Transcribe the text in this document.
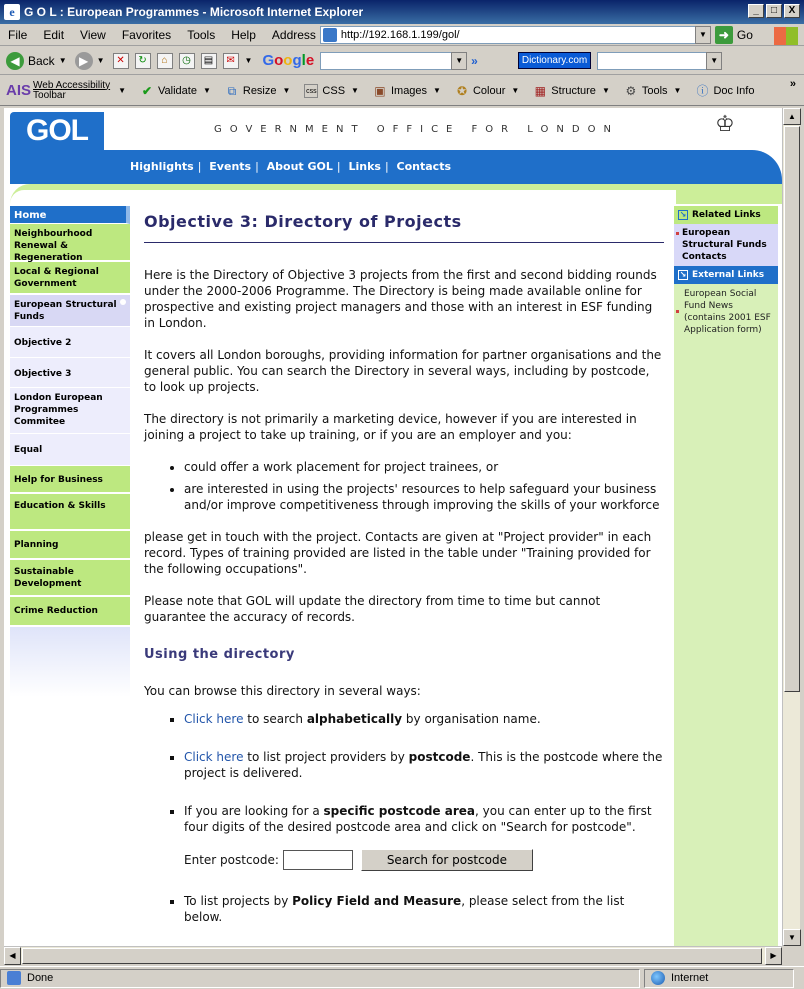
e G O L : European Programmes - Microsoft Internet Explorer	_	□	X
File	Edit	View	Favorites	Tools	Help	Address http://192.168.1.199/gol/	▼	➜ Go
◀ Back ▼	▶	▼	✕	↻	⌂	◷	▤	✉	▼ Google	▼ »	Dictionary.com	▼
AIS Web Accessibility
Toolbar	▼ ✔ Validate ▼ ⧉ Resize ▼ css CSS ▼ ▣ Images ▼ ✪ Colour ▼ ▦ Structure ▼ ⚙ Tools ▼ ⓘ Doc Info
»
GOL	GOVERNMENT OFFICE FOR LONDON	♔
Highlights | Events | About GOL | Links | Contacts
Home
Neighbourhood Renewal & Regeneration
Local & Regional Government
European Structural Funds
Objective 2
Objective 3
London European Programmes Commitee
Equal
Help for Business
Education & Skills
Planning
Sustainable Development
Crime Reduction
Objective 3: Directory of Projects

Here is the Directory of Objective 3 projects from the first and second bidding rounds under the 2000-2006 Programme. The Directory is being made available online for prospective and existing project managers and those with an interest in ESF funding in London.

It covers all London boroughs, providing information for partner organisations and the general public. You can search the Directory in several ways, including by postcode, to look up projects.

The directory is not primarily a marketing device, however if you are interested in joining a project to take up training, or if you are an employer and you:

• could offer a work placement for project trainees, or
• are interested in using the projects' resources to help safeguard your business and/or improve competitiveness through improving the skills of your workforce

please get in touch with the project. Contacts are given at "Project provider" in each record. Types of training provided are listed in the table under "Training provided for the following occupations".

Please note that GOL will update the directory from time to time but cannot guarantee the accuracy of records.

Using the directory

You can browse this directory in several ways:

▪ Click here to search alphabetically by organisation name.
▪ Click here to list project providers by postcode. This is the postcode where the project is delivered.
▪ If you are looking for a specific postcode area, you can enter up to the first four digits of the desired postcode area and click on "Search for postcode".
Enter postcode:	Search for postcode
▪ To list projects by Policy Field and Measure, please select from the list below.
↘ Related Links
European Structural Funds Contacts
↘ External Links
European Social Fund News (contains 2001 ESF Application form)
▲
▼
◀	▶
Done	Internet
